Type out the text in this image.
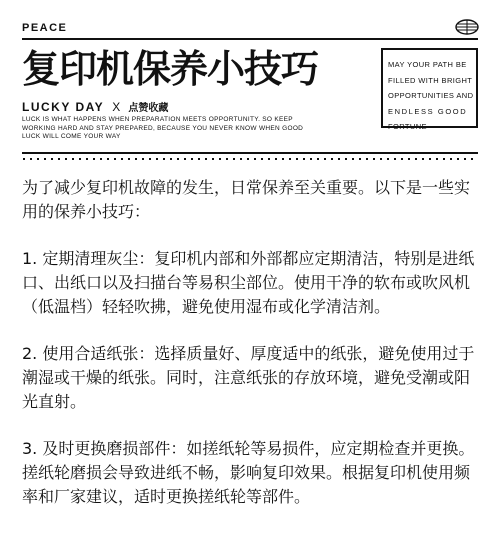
PEACE
复印机保养小技巧
LUCKY DAY X 点赞收藏
LUCK IS WHAT HAPPENS WHEN PREPARATION MEETS OPPORTUNITY. SO KEEP
WORKING HARD AND STAY PREPARED, BECAUSE YOU NEVER KNOW WHEN GOOD
LUCK WILL COME YOUR WAY
MAY YOUR PATH BE
FILLED WITH BRIGHT
OPPORTUNITIES AND
ENDLESS GOOD
FORTUNE

为了减少复印机故障的发生，日常保养至关重要。以下是一些实用的保养小技巧：

1. 定期清理灰尘：复印机内部和外部都应定期清洁，特别是进纸口、出纸口以及扫描台等易积尘部位。使用干净的软布或吹风机（低温档）轻轻吹拂，避免使用湿布或化学清洁剂。

2. 使用合适纸张：选择质量好、厚度适中的纸张，避免使用过于潮湿或干燥的纸张。同时，注意纸张的存放环境，避免受潮或阳光直射。

3. 及时更换磨损部件：如搓纸轮等易损件，应定期检查并更换。搓纸轮磨损会导致进纸不畅，影响复印效果。根据复印机使用频率和厂家建议，适时更换搓纸轮等部件。
